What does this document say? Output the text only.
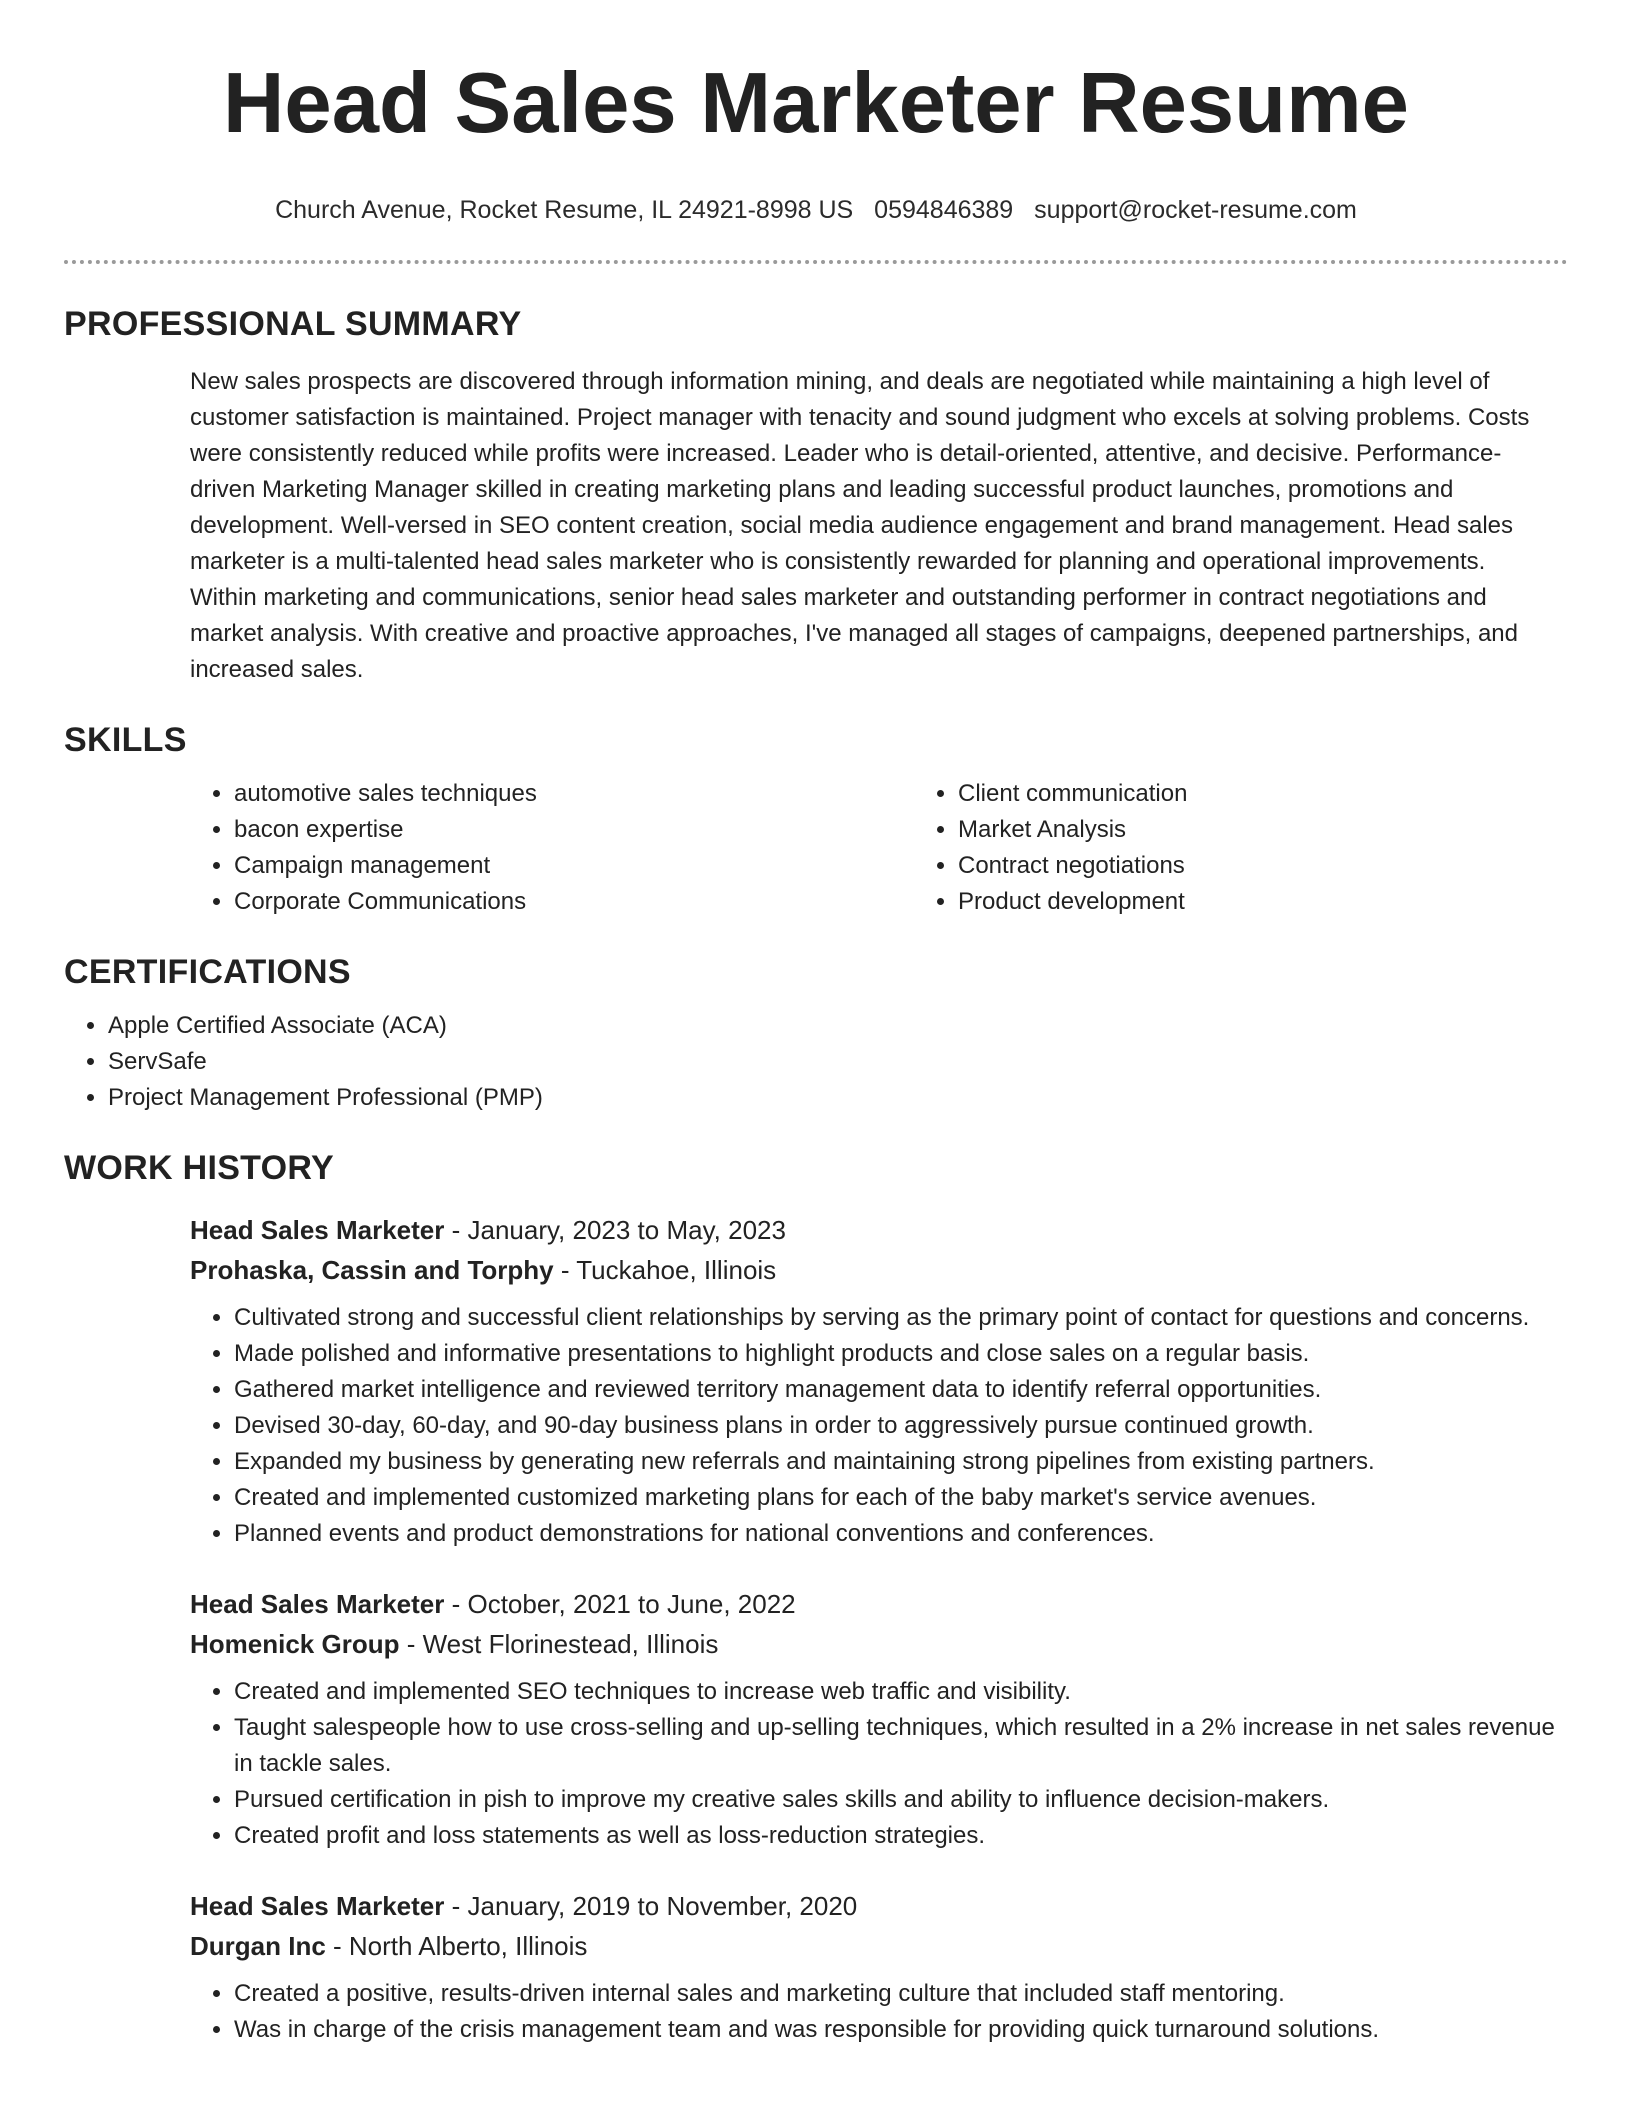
Head Sales Marketer Resume
Church Avenue, Rocket Resume, IL 24921-8998 US 0594846389 support@rocket-resume.com
PROFESSIONAL SUMMARY

New sales prospects are discovered through information mining, and deals are negotiated while maintaining a high level of customer satisfaction is maintained. Project manager with tenacity and sound judgment who excels at solving problems. Costs were consistently reduced while profits were increased. Leader who is detail-oriented, attentive, and decisive. Performance-driven Marketing Manager skilled in creating marketing plans and leading successful product launches, promotions and development. Well-versed in SEO content creation, social media audience engagement and brand management. Head sales marketer is a multi-talented head sales marketer who is consistently rewarded for planning and operational improvements. Within marketing and communications, senior head sales marketer and outstanding performer in contract negotiations and market analysis. With creative and proactive approaches, I've managed all stages of campaigns, deepened partnerships, and increased sales.

SKILLS
• automotive sales techniques
• bacon expertise
• Campaign management
• Corporate Communications
• Client communication
• Market Analysis
• Contract negotiations
• Product development
CERTIFICATIONS
• Apple Certified Associate (ACA)
• ServSafe
• Project Management Professional (PMP)
WORK HISTORY
Head Sales Marketer - January, 2023 to May, 2023
Prohaska, Cassin and Torphy - Tuckahoe, Illinois
• Cultivated strong and successful client relationships by serving as the primary point of contact for questions and concerns.
• Made polished and informative presentations to highlight products and close sales on a regular basis.
• Gathered market intelligence and reviewed territory management data to identify referral opportunities.
• Devised 30-day, 60-day, and 90-day business plans in order to aggressively pursue continued growth.
• Expanded my business by generating new referrals and maintaining strong pipelines from existing partners.
• Created and implemented customized marketing plans for each of the baby market's service avenues.
• Planned events and product demonstrations for national conventions and conferences.
Head Sales Marketer - October, 2021 to June, 2022
Homenick Group - West Florinestead, Illinois
• Created and implemented SEO techniques to increase web traffic and visibility.
• Taught salespeople how to use cross-selling and up-selling techniques, which resulted in a 2% increase in net sales revenue in tackle sales.
• Pursued certification in pish to improve my creative sales skills and ability to influence decision-makers.
• Created profit and loss statements as well as loss-reduction strategies.
Head Sales Marketer - January, 2019 to November, 2020
Durgan Inc - North Alberto, Illinois
• Created a positive, results-driven internal sales and marketing culture that included staff mentoring.
• Was in charge of the crisis management team and was responsible for providing quick turnaround solutions.
